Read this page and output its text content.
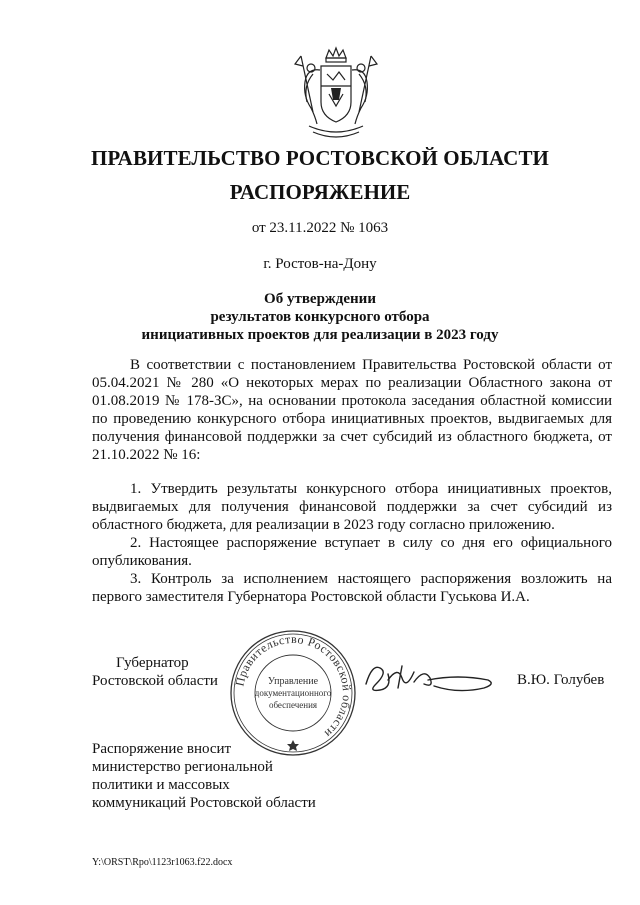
ПРАВИТЕЛЬСТВО РОСТОВСКОЙ ОБЛАСТИ
РАСПОРЯЖЕНИЕ
от 23.11.2022 № 1063
г. Ростов-на-Дону
Об утверждении
результатов конкурсного отбора
инициативных проектов для реализации в 2023 году

В соответствии с постановлением Правительства Ростовской области от 05.04.2021 № 280 «О некоторых мерах по реализации Областного закона от 01.08.2019 № 178-ЗС», на основании протокола заседания областной комиссии по проведению конкурсного отбора инициативных проектов, выдвигаемых для получения финансовой поддержки за счет субсидий из областного бюджета, от 21.10.2022 № 16:

1. Утвердить результаты конкурсного отбора инициативных проектов, выдвигаемых для получения финансовой поддержки за счет субсидий из областного бюджета, для реализации в 2023 году согласно приложению.

2. Настоящее распоряжение вступает в силу со дня его официального опубликования.

3. Контроль за исполнением настоящего распоряжения возложить на первого заместителя Губернатора Ростовской области Гуськова И.А.

Губернатор
Ростовской области Правительство Ростовской области
Управление
документационного
обеспечения
В.Ю. Голубев
Распоряжение вносит
министерство региональной
политики и массовых
коммуникаций Ростовской области
Y:\ORST\Rpo\1123r1063.f22.docx
